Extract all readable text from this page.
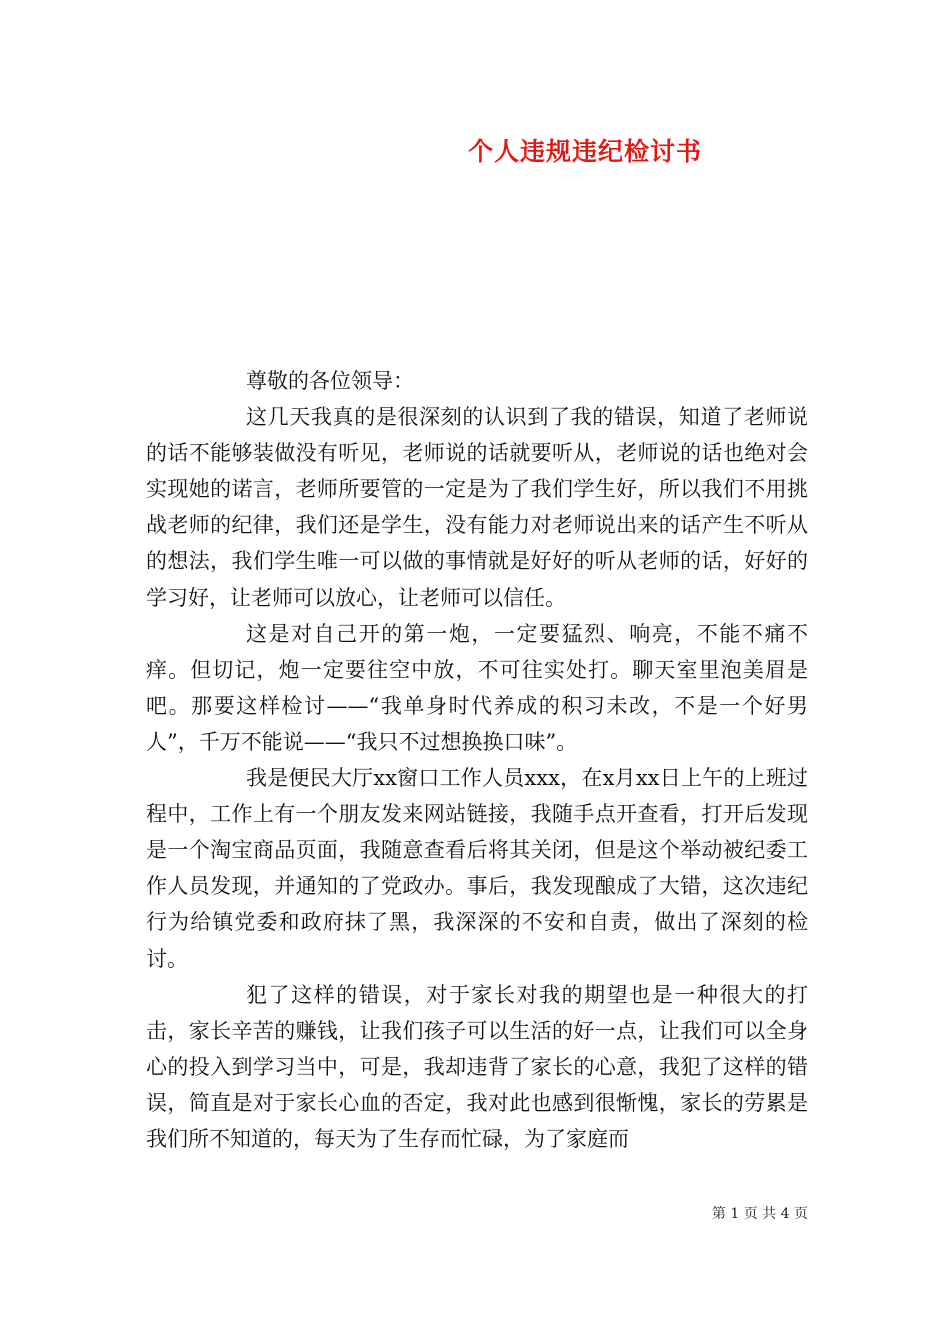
个人违规违纪检讨书

尊敬的各位领导：

这几天我真的是很深刻的认识到了我的错误，知道了老师说的话不能够装做没有听见，老师说的话就要听从，老师说的话也绝对会实现她的诺言，老师所要管的一定是为了我们学生好，所以我们不用挑战老师的纪律，我们还是学生，没有能力对老师说出来的话产生不听从的想法，我们学生唯一可以做的事情就是好好的听从老师的话，好好的学习好，让老师可以放心，让老师可以信任。

这是对自己开的第一炮，一定要猛烈、响亮，不能不痛不痒。但切记，炮一定要往空中放，不可往实处打。聊天室里泡美眉是吧。那要这样检讨——“我单身时代养成的积习未改，不是一个好男人”，千万不能说——“我只不过想换换口味”。

我是便民大厅xx窗口工作人员xxx，在x月xx日上午的上班过程中，工作上有一个朋友发来网站链接，我随手点开查看，打开后发现是一个淘宝商品页面，我随意查看后将其关闭，但是这个举动被纪委工作人员发现，并通知的了党政办。事后，我发现酿成了大错，这次违纪行为给镇党委和政府抹了黑，我深深的不安和自责，做出了深刻的检讨。

犯了这样的错误，对于家长对我的期望也是一种很大的打击，家长辛苦的赚钱，让我们孩子可以生活的好一点，让我们可以全身心的投入到学习当中，可是，我却违背了家长的心意，我犯了这样的错误，简直是对于家长心血的否定，我对此也感到很惭愧，家长的劳累是我们所不知道的，每天为了生存而忙碌，为了家庭而

第 1 页 共 4 页
